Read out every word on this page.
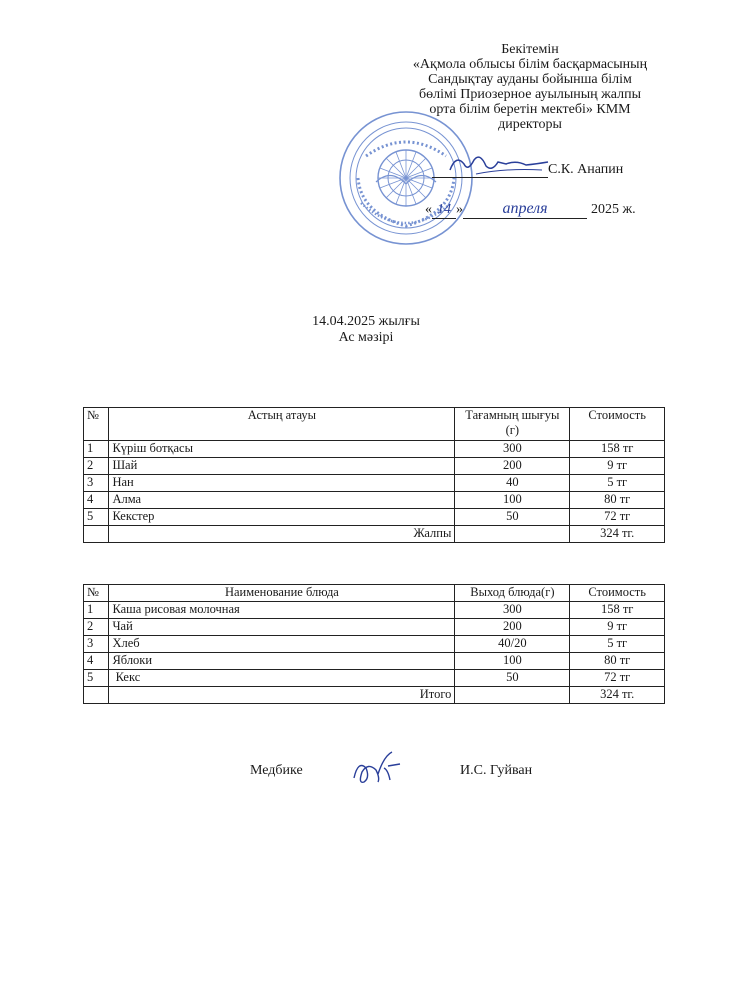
Бекітемін
«Ақмола облысы білім басқармасының
Сандықтау ауданы бойынша білім
бөлімі Приозерное ауылының жалпы
орта білім беретін мектебі» КММ
директоры
С.К. Анапин
« 14 » апреля	2025 ж.
14.04.2025 жылғы
Ас мәзірі
№	Астың атауы	Тағамның шығуы (г)	Стоимость
1	Күріш ботқасы	300	158 тг
2	Шай	200	9 тг
3	Нан	40	5 тг
4	Алма	100	80 тг
5	Кекстер	50	72 тг
	Жалпы		324 тг.
№	Наименование блюда	Выход блюда(г)	Стоимость
1	Каша рисовая молочная	300	158 тг
2	Чай	200	9 тг
3	Хлеб	40/20	5 тг
4	Яблоки	100	80 тг
5	Кекс	50	72 тг
	Итого		324 тг.
Медбике	И.С. Гуйван
